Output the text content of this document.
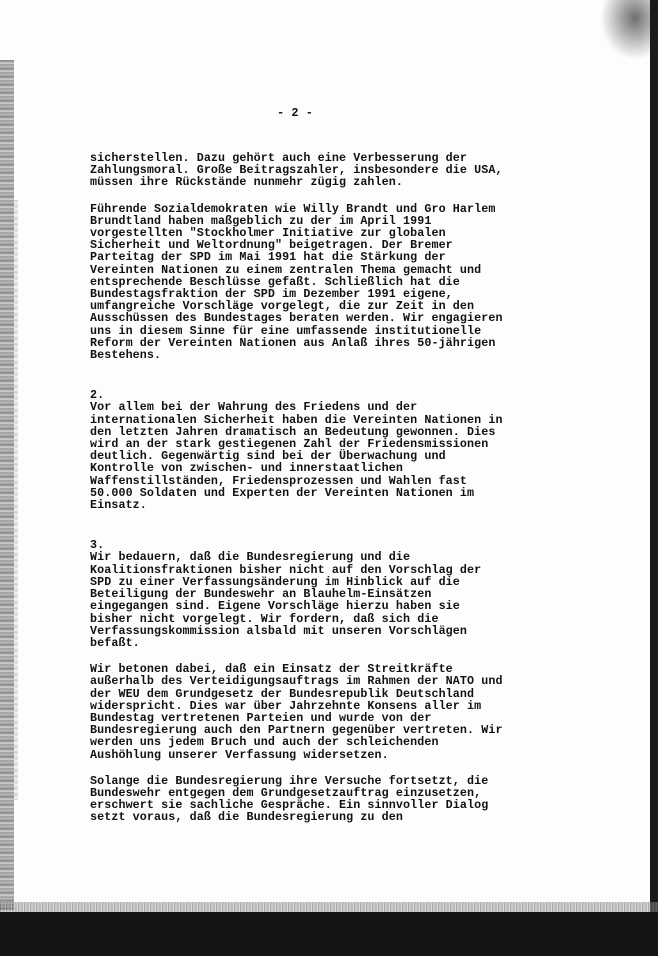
- 2 -
sicherstellen. Dazu gehört auch eine Verbesserung der
Zahlungsmoral. Große Beitragszahler, insbesondere die USA,
müssen ihre Rückstände nunmehr zügig zahlen.
Führende Sozialdemokraten wie Willy Brandt und Gro Harlem
Brundtland haben maßgeblich zu der im April 1991
vorgestellten "Stockholmer Initiative zur globalen
Sicherheit und Weltordnung" beigetragen. Der Bremer
Parteitag der SPD im Mai 1991 hat die Stärkung der
Vereinten Nationen zu einem zentralen Thema gemacht und
entsprechende Beschlüsse gefaßt. Schließlich hat die
Bundestagsfraktion der SPD im Dezember 1991 eigene,
umfangreiche Vorschläge vorgelegt, die zur Zeit in den
Ausschüssen des Bundestages beraten werden. Wir engagieren
uns in diesem Sinne für eine umfassende institutionelle
Reform der Vereinten Nationen aus Anlaß ihres 50-jährigen
Bestehens.
2.
Vor allem bei der Wahrung des Friedens und der
internationalen Sicherheit haben die Vereinten Nationen in
den letzten Jahren dramatisch an Bedeutung gewonnen. Dies
wird an der stark gestiegenen Zahl der Friedensmissionen
deutlich. Gegenwärtig sind bei der Überwachung und
Kontrolle von zwischen- und innerstaatlichen
Waffenstillständen, Friedensprozessen und Wahlen fast
50.000 Soldaten und Experten der Vereinten Nationen im
Einsatz.
3.
Wir bedauern, daß die Bundesregierung und die
Koalitionsfraktionen bisher nicht auf den Vorschlag der
SPD zu einer Verfassungsänderung im Hinblick auf die
Beteiligung der Bundeswehr an Blauhelm-Einsätzen
eingegangen sind. Eigene Vorschläge hierzu haben sie
bisher nicht vorgelegt. Wir fordern, daß sich die
Verfassungskommission alsbald mit unseren Vorschlägen
befaßt.
Wir betonen dabei, daß ein Einsatz der Streitkräfte
außerhalb des Verteidigungsauftrags im Rahmen der NATO und
der WEU dem Grundgesetz der Bundesrepublik Deutschland
widerspricht. Dies war über Jahrzehnte Konsens aller im
Bundestag vertretenen Parteien und wurde von der
Bundesregierung auch den Partnern gegenüber vertreten. Wir
werden uns jedem Bruch und auch der schleichenden
Aushöhlung unserer Verfassung widersetzen.
Solange die Bundesregierung ihre Versuche fortsetzt, die
Bundeswehr entgegen dem Grundgesetzauftrag einzusetzen,
erschwert sie sachliche Gespräche. Ein sinnvoller Dialog
setzt voraus, daß die Bundesregierung zu den
